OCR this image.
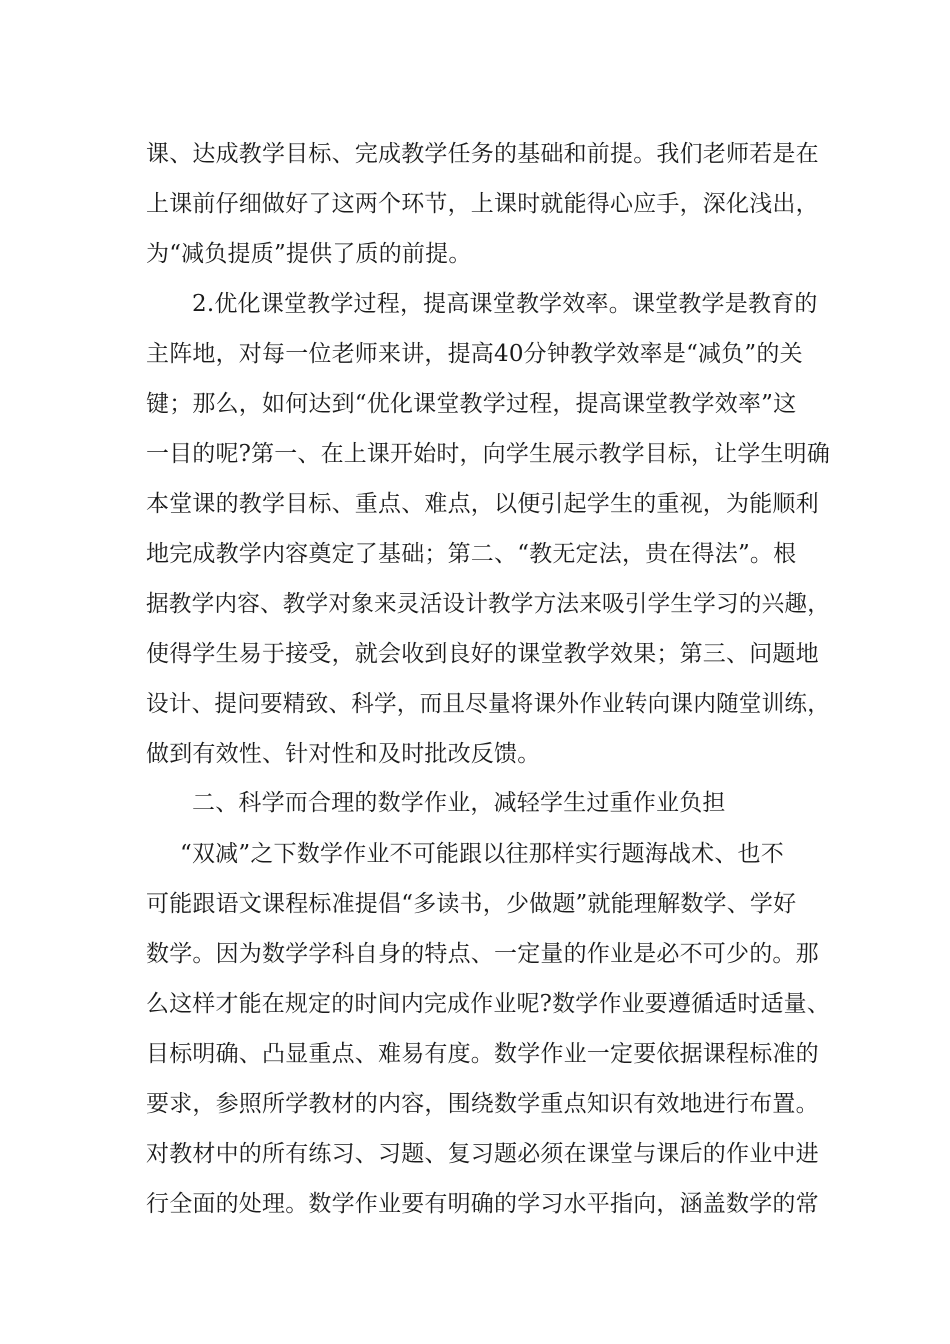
课、达成教学目标、完成教学任务的基础和前提。我们老师若是在
上课前仔细做好了这两个环节，上课时就能得心应手，深化浅出，
为“减负提质”提供了质的前提。
2.优化课堂教学过程，提高课堂教学效率。课堂教学是教育的
主阵地，对每一位老师来讲，提高40分钟教学效率是“减负”的关
键；那么，如何达到“优化课堂教学过程，提高课堂教学效率”这
一目的呢?第一、在上课开始时，向学生展示教学目标，让学生明确
本堂课的教学目标、重点、难点，以便引起学生的重视，为能顺利
地完成教学内容奠定了基础；第二、“教无定法，贵在得法”。根
据教学内容、教学对象来灵活设计教学方法来吸引学生学习的兴趣，
使得学生易于接受，就会收到良好的课堂教学效果；第三、问题地
设计、提问要精致、科学，而且尽量将课外作业转向课内随堂训练，
做到有效性、针对性和及时批改反馈。
二、科学而合理的数学作业，减轻学生过重作业负担
“双减”之下数学作业不可能跟以往那样实行题海战术、也不
可能跟语文课程标准提倡“多读书，少做题”就能理解数学、学好
数学。因为数学学科自身的特点、一定量的作业是必不可少的。那
么这样才能在规定的时间内完成作业呢?数学作业要遵循适时适量、
目标明确、凸显重点、难易有度。数学作业一定要依据课程标准的
要求，参照所学教材的内容，围绕数学重点知识有效地进行布置。
对教材中的所有练习、习题、复习题必须在课堂与课后的作业中进
行全面的处理。数学作业要有明确的学习水平指向，涵盖数学的常
